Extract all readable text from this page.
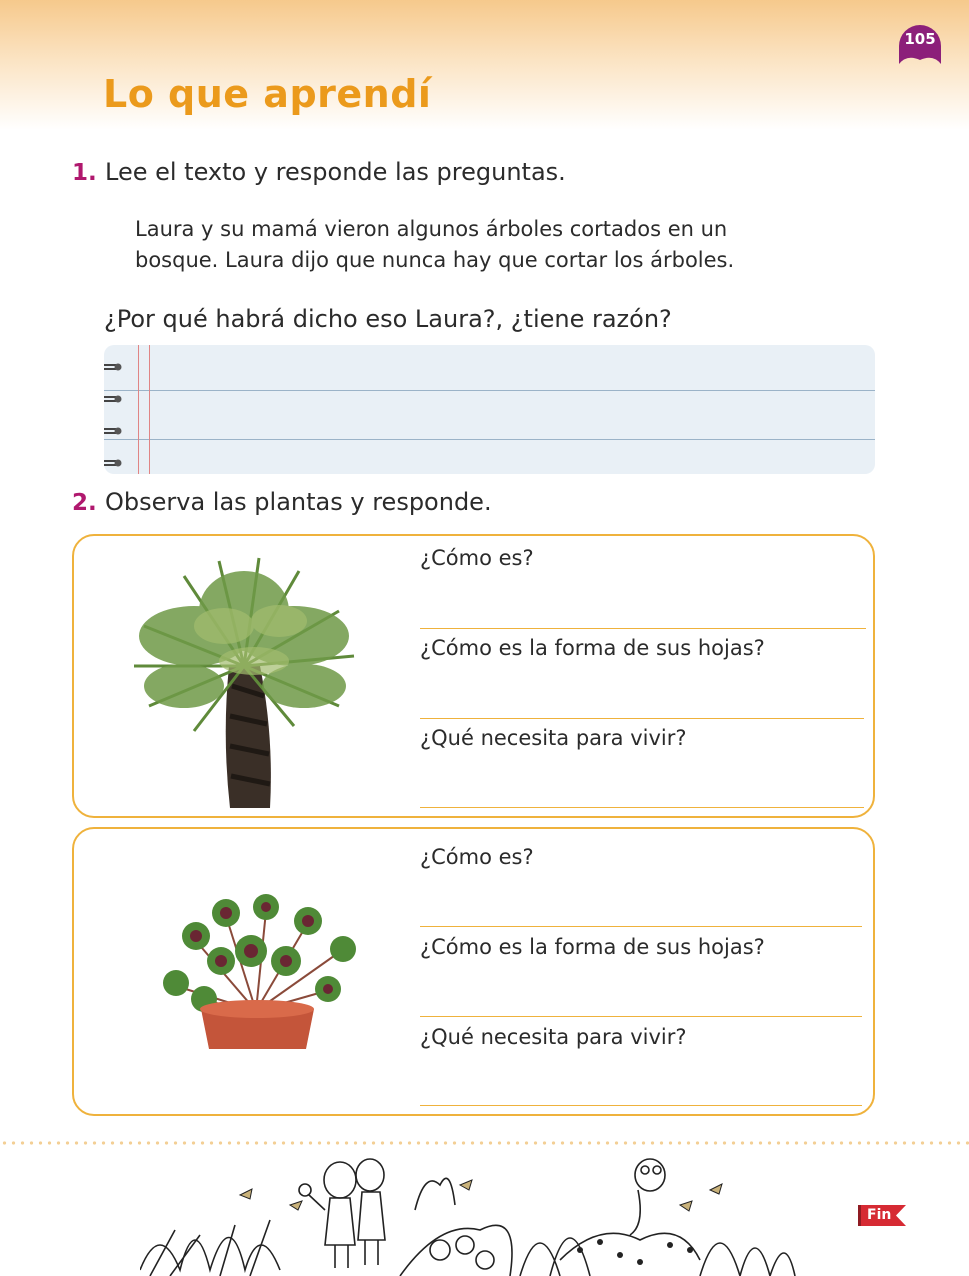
105
Lo que aprendí
1. Lee el texto y responde las preguntas.
Laura y su mamá vieron algunos árboles cortados en un
bosque. Laura dijo que nunca hay que cortar los árboles.
¿Por qué habrá dicho eso Laura?, ¿tiene razón?
2. Observa las plantas y responde.
¿Cómo es?
¿Cómo es la forma de sus hojas?
¿Qué necesita para vivir?
¿Cómo es?
¿Cómo es la forma de sus hojas?
¿Qué necesita para vivir?
Fin
